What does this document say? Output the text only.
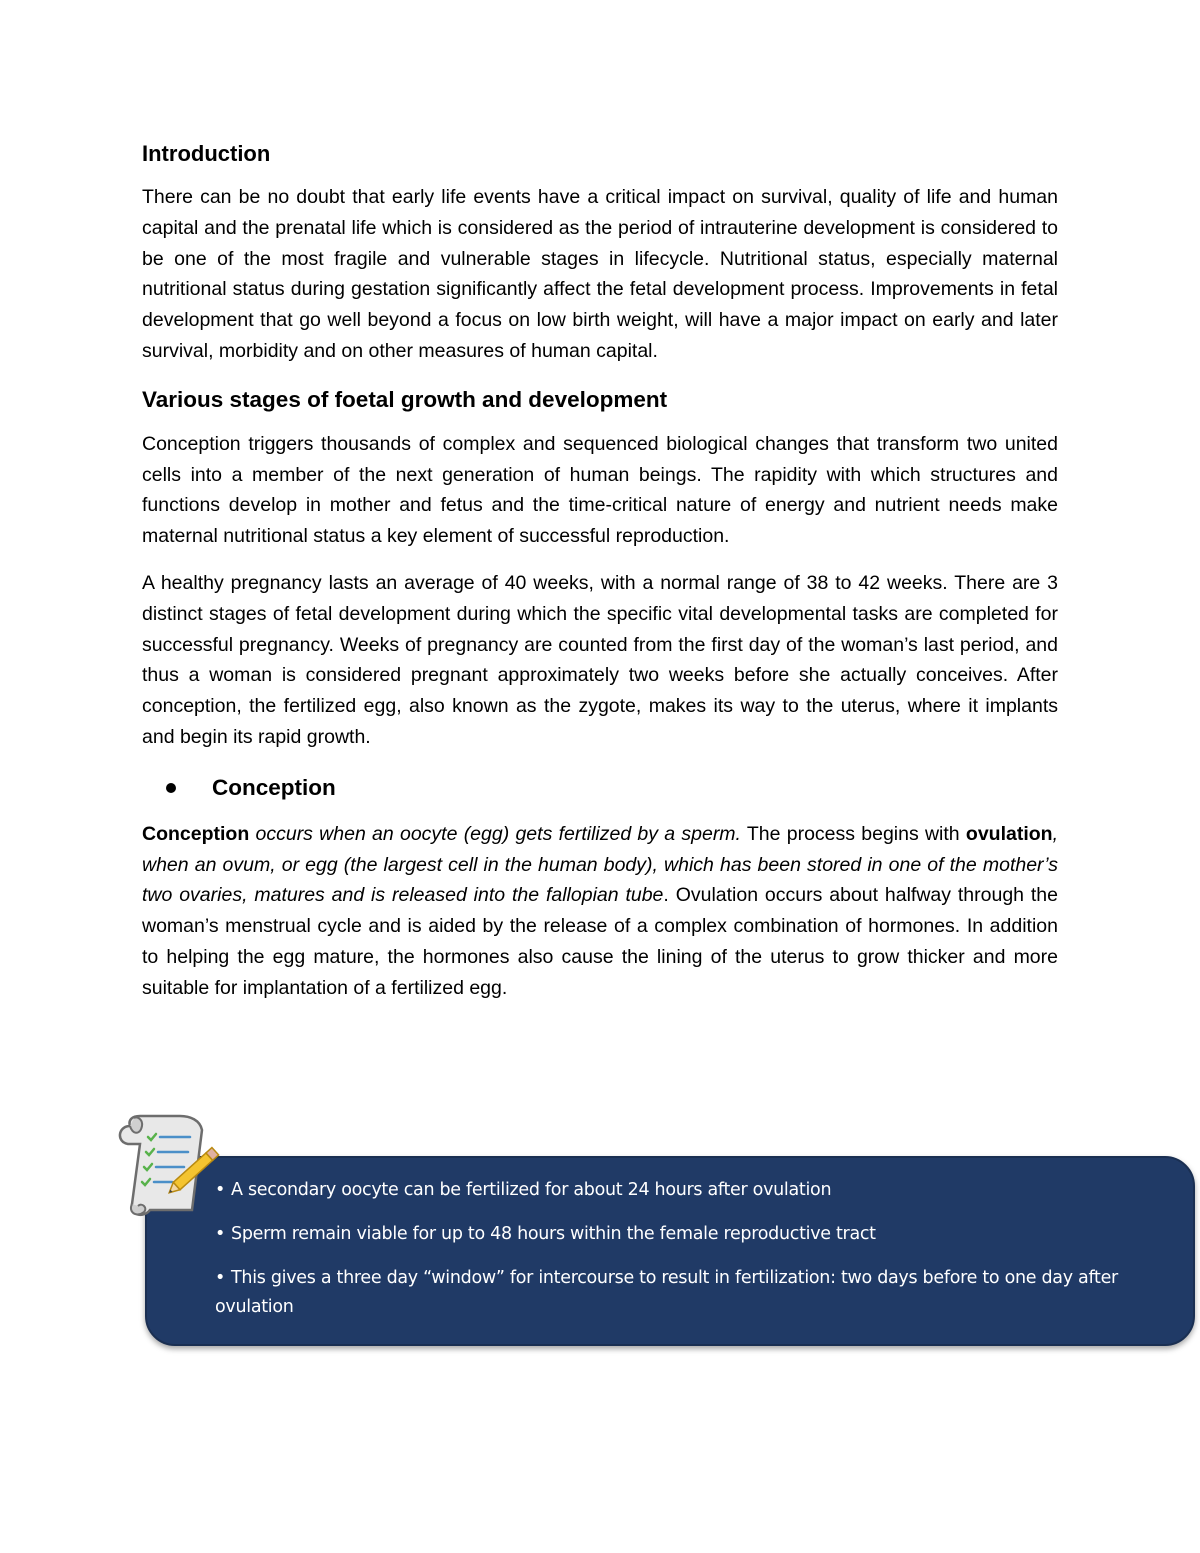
Introduction

There can be no doubt that early life events have a critical impact on survival, quality of life and human capital and the prenatal life which is considered as the period of intrauterine development is considered to be one of the most fragile and vulnerable stages in lifecycle. Nutritional status, especially maternal nutritional status during gestation significantly affect the fetal development process. Improvements in fetal development that go well beyond a focus on low birth weight, will have a major impact on early and later survival, morbidity and on other measures of human capital.

Various stages of foetal growth and development

Conception triggers thousands of complex and sequenced biological changes that transform two united cells into a member of the next generation of human beings. The rapidity with which structures and functions develop in mother and fetus and the time-critical nature of energy and nutrient needs make maternal nutritional status a key element of successful reproduction.

A healthy pregnancy lasts an average of 40 weeks, with a normal range of 38 to 42 weeks. There are 3 distinct stages of fetal development during which the specific vital developmental tasks are completed for successful pregnancy. Weeks of pregnancy are counted from the first day of the woman’s last period, and thus a woman is considered pregnant approximately two weeks before she actually conceives. After conception, the fertilized egg, also known as the zygote, makes its way to the uterus, where it implants and begin its rapid growth.

Conception

Conception occurs when an oocyte (egg) gets fertilized by a sperm. The process begins with ovulation, when an ovum, or egg (the largest cell in the human body), which has been stored in one of the mother’s two ovaries, matures and is released into the fallopian tube. Ovulation occurs about halfway through the woman’s menstrual cycle and is aided by the release of a complex combination of hormones. In addition to helping the egg mature, the hormones also cause the lining of the uterus to grow thicker and more suitable for implantation of a fertilized egg.

• A secondary oocyte can be fertilized for about 24 hours after ovulation
• Sperm remain viable for up to 48 hours within the female reproductive tract
• This gives a three day “window” for intercourse to result in fertilization: two days before to one day after ovulation
